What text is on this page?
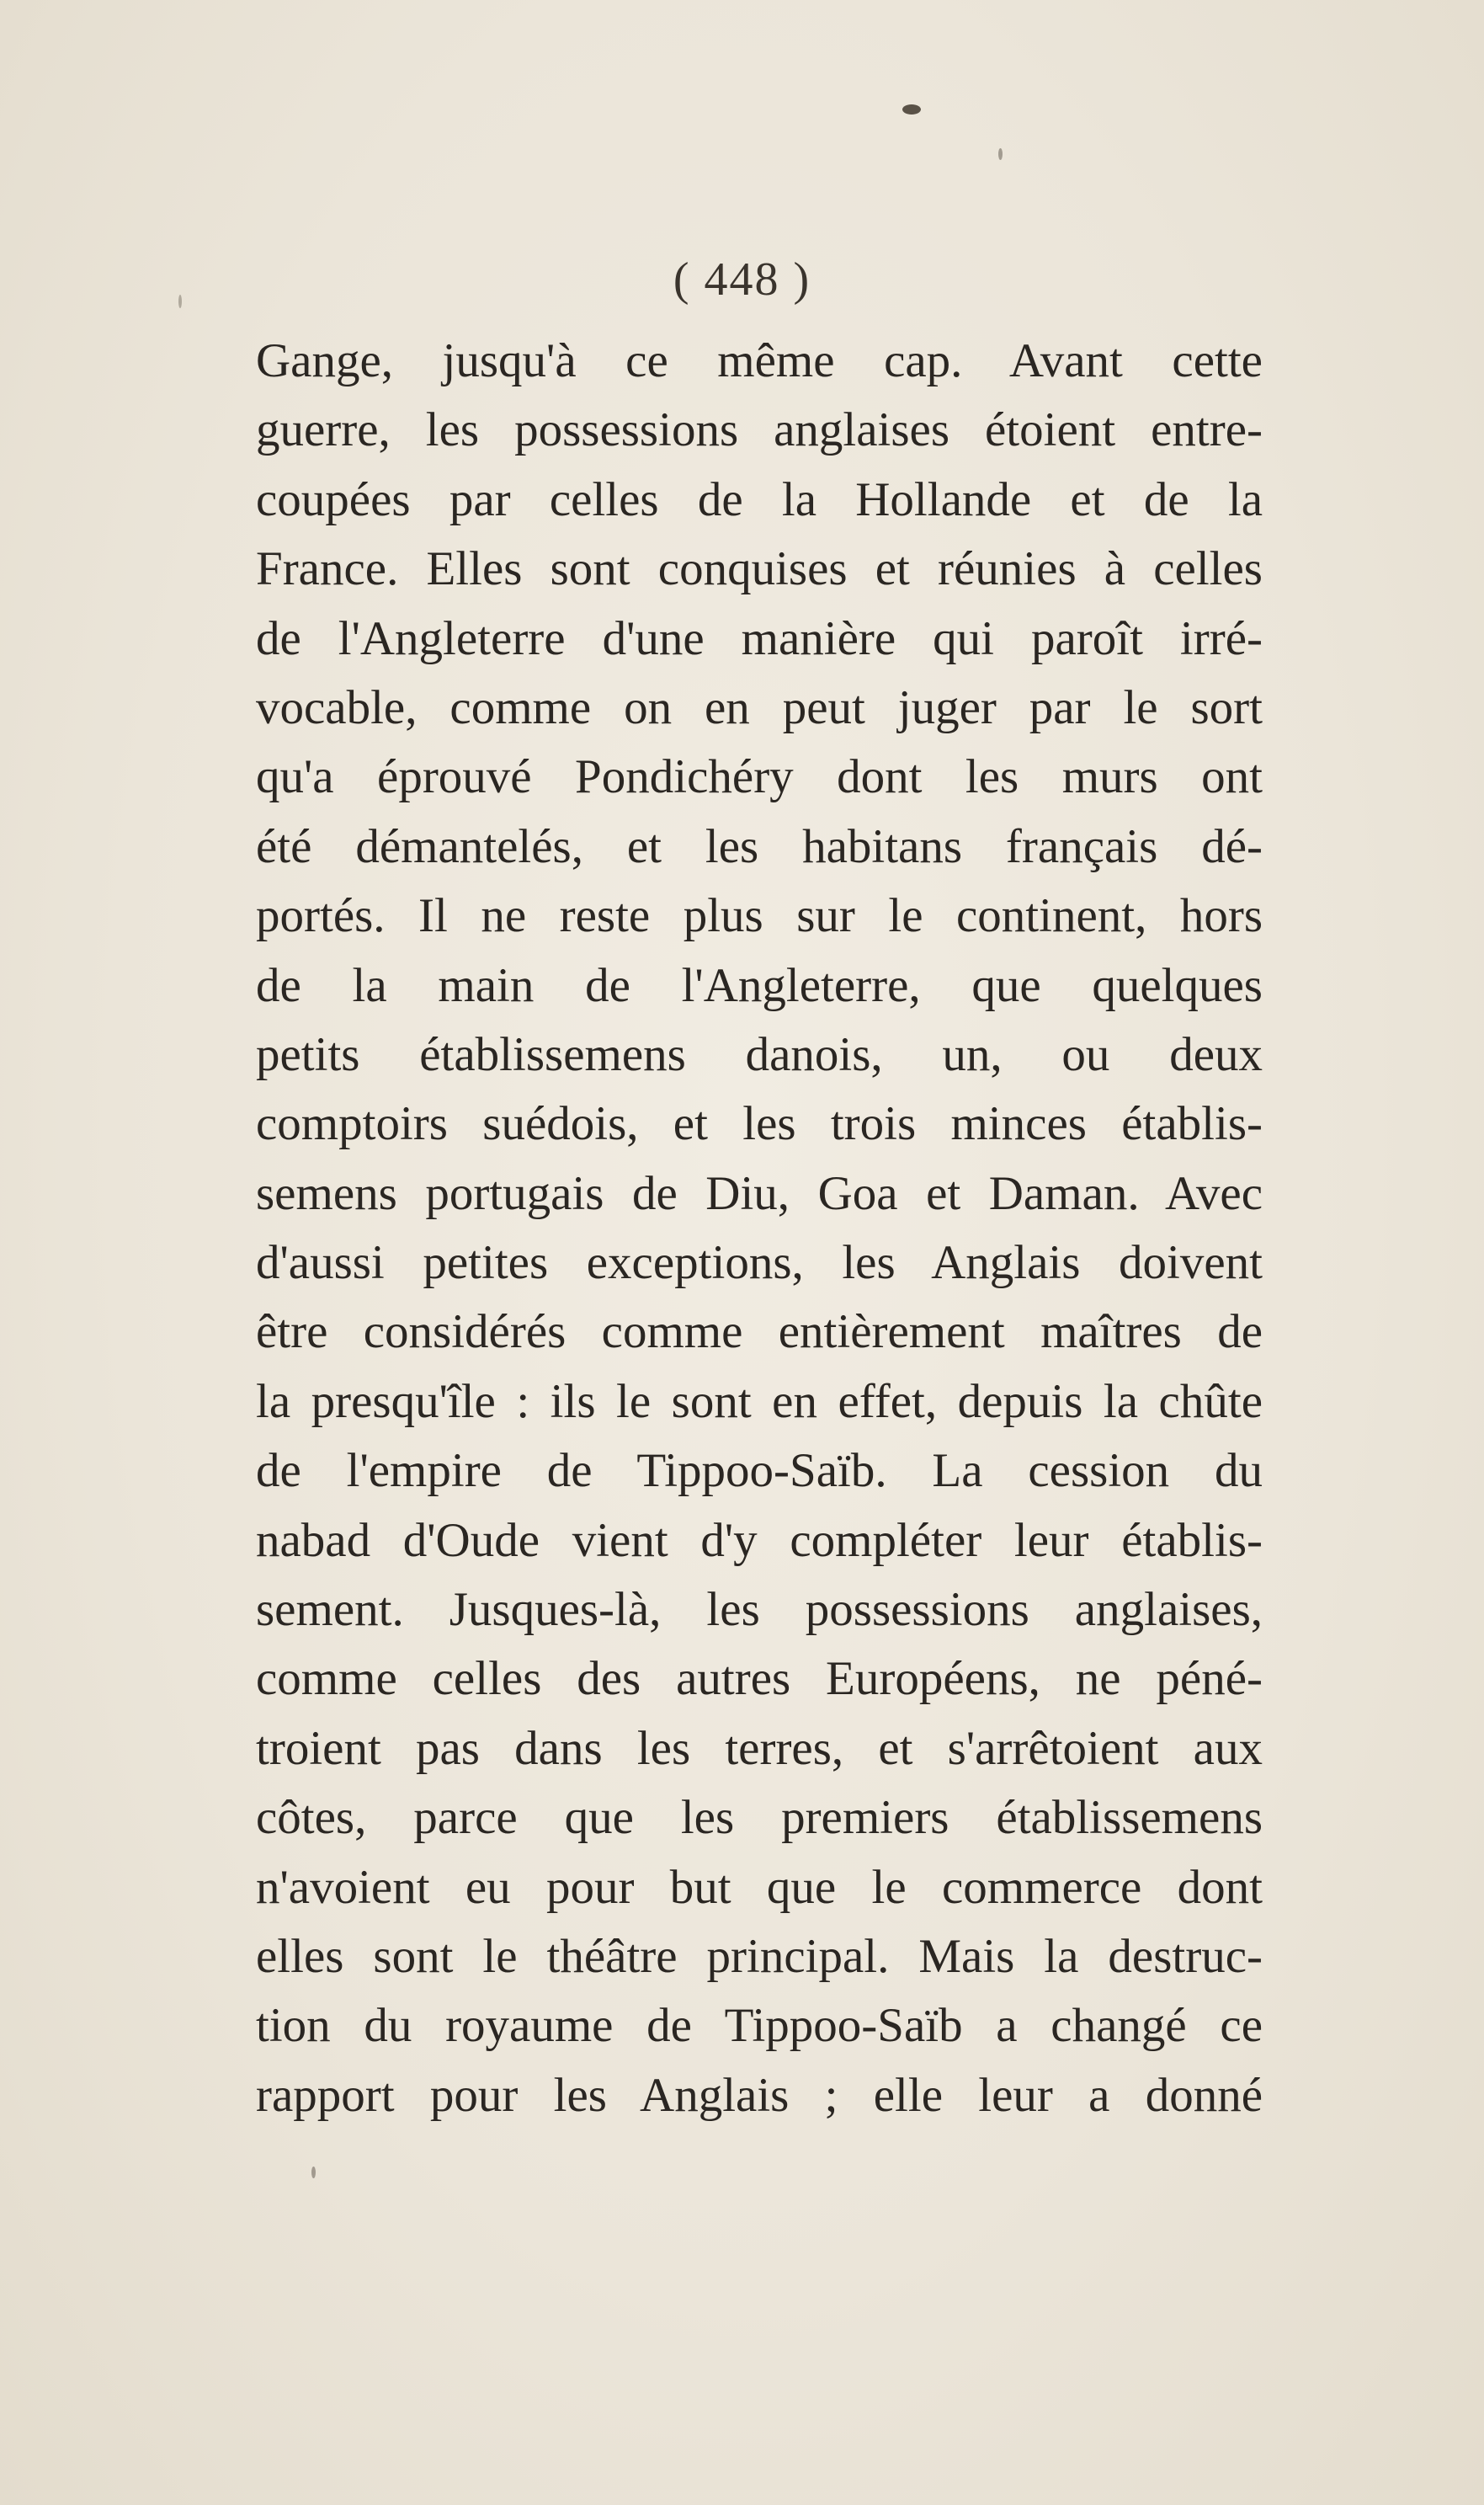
( 448 )
Gange, jusqu'à ce même cap. Avant cette
guerre, les possessions anglaises étoient entre-
coupées par celles de la Hollande et de la
France. Elles sont conquises et réunies à celles
de l'Angleterre d'une manière qui paroît irré-
vocable, comme on en peut juger par le sort
qu'a éprouvé Pondichéry dont les murs ont
été démantelés, et les habitans français dé-
portés. Il ne reste plus sur le continent, hors
de la main de l'Angleterre, que quelques
petits établissemens danois, un, ou deux
comptoirs suédois, et les trois minces établis-
semens portugais de Diu, Goa et Daman. Avec
d'aussi petites exceptions, les Anglais doivent
être considérés comme entièrement maîtres de
la presqu'île : ils le sont en effet, depuis la chûte
de l'empire de Tippoo-Saïb. La cession du
nabad d'Oude vient d'y compléter leur établis-
sement. Jusques-là, les possessions anglaises,
comme celles des autres Européens, ne péné-
troient pas dans les terres, et s'arrêtoient aux
côtes, parce que les premiers établissemens
n'avoient eu pour but que le commerce dont
elles sont le théâtre principal. Mais la destruc-
tion du royaume de Tippoo-Saïb a changé ce
rapport pour les Anglais ; elle leur a donné
